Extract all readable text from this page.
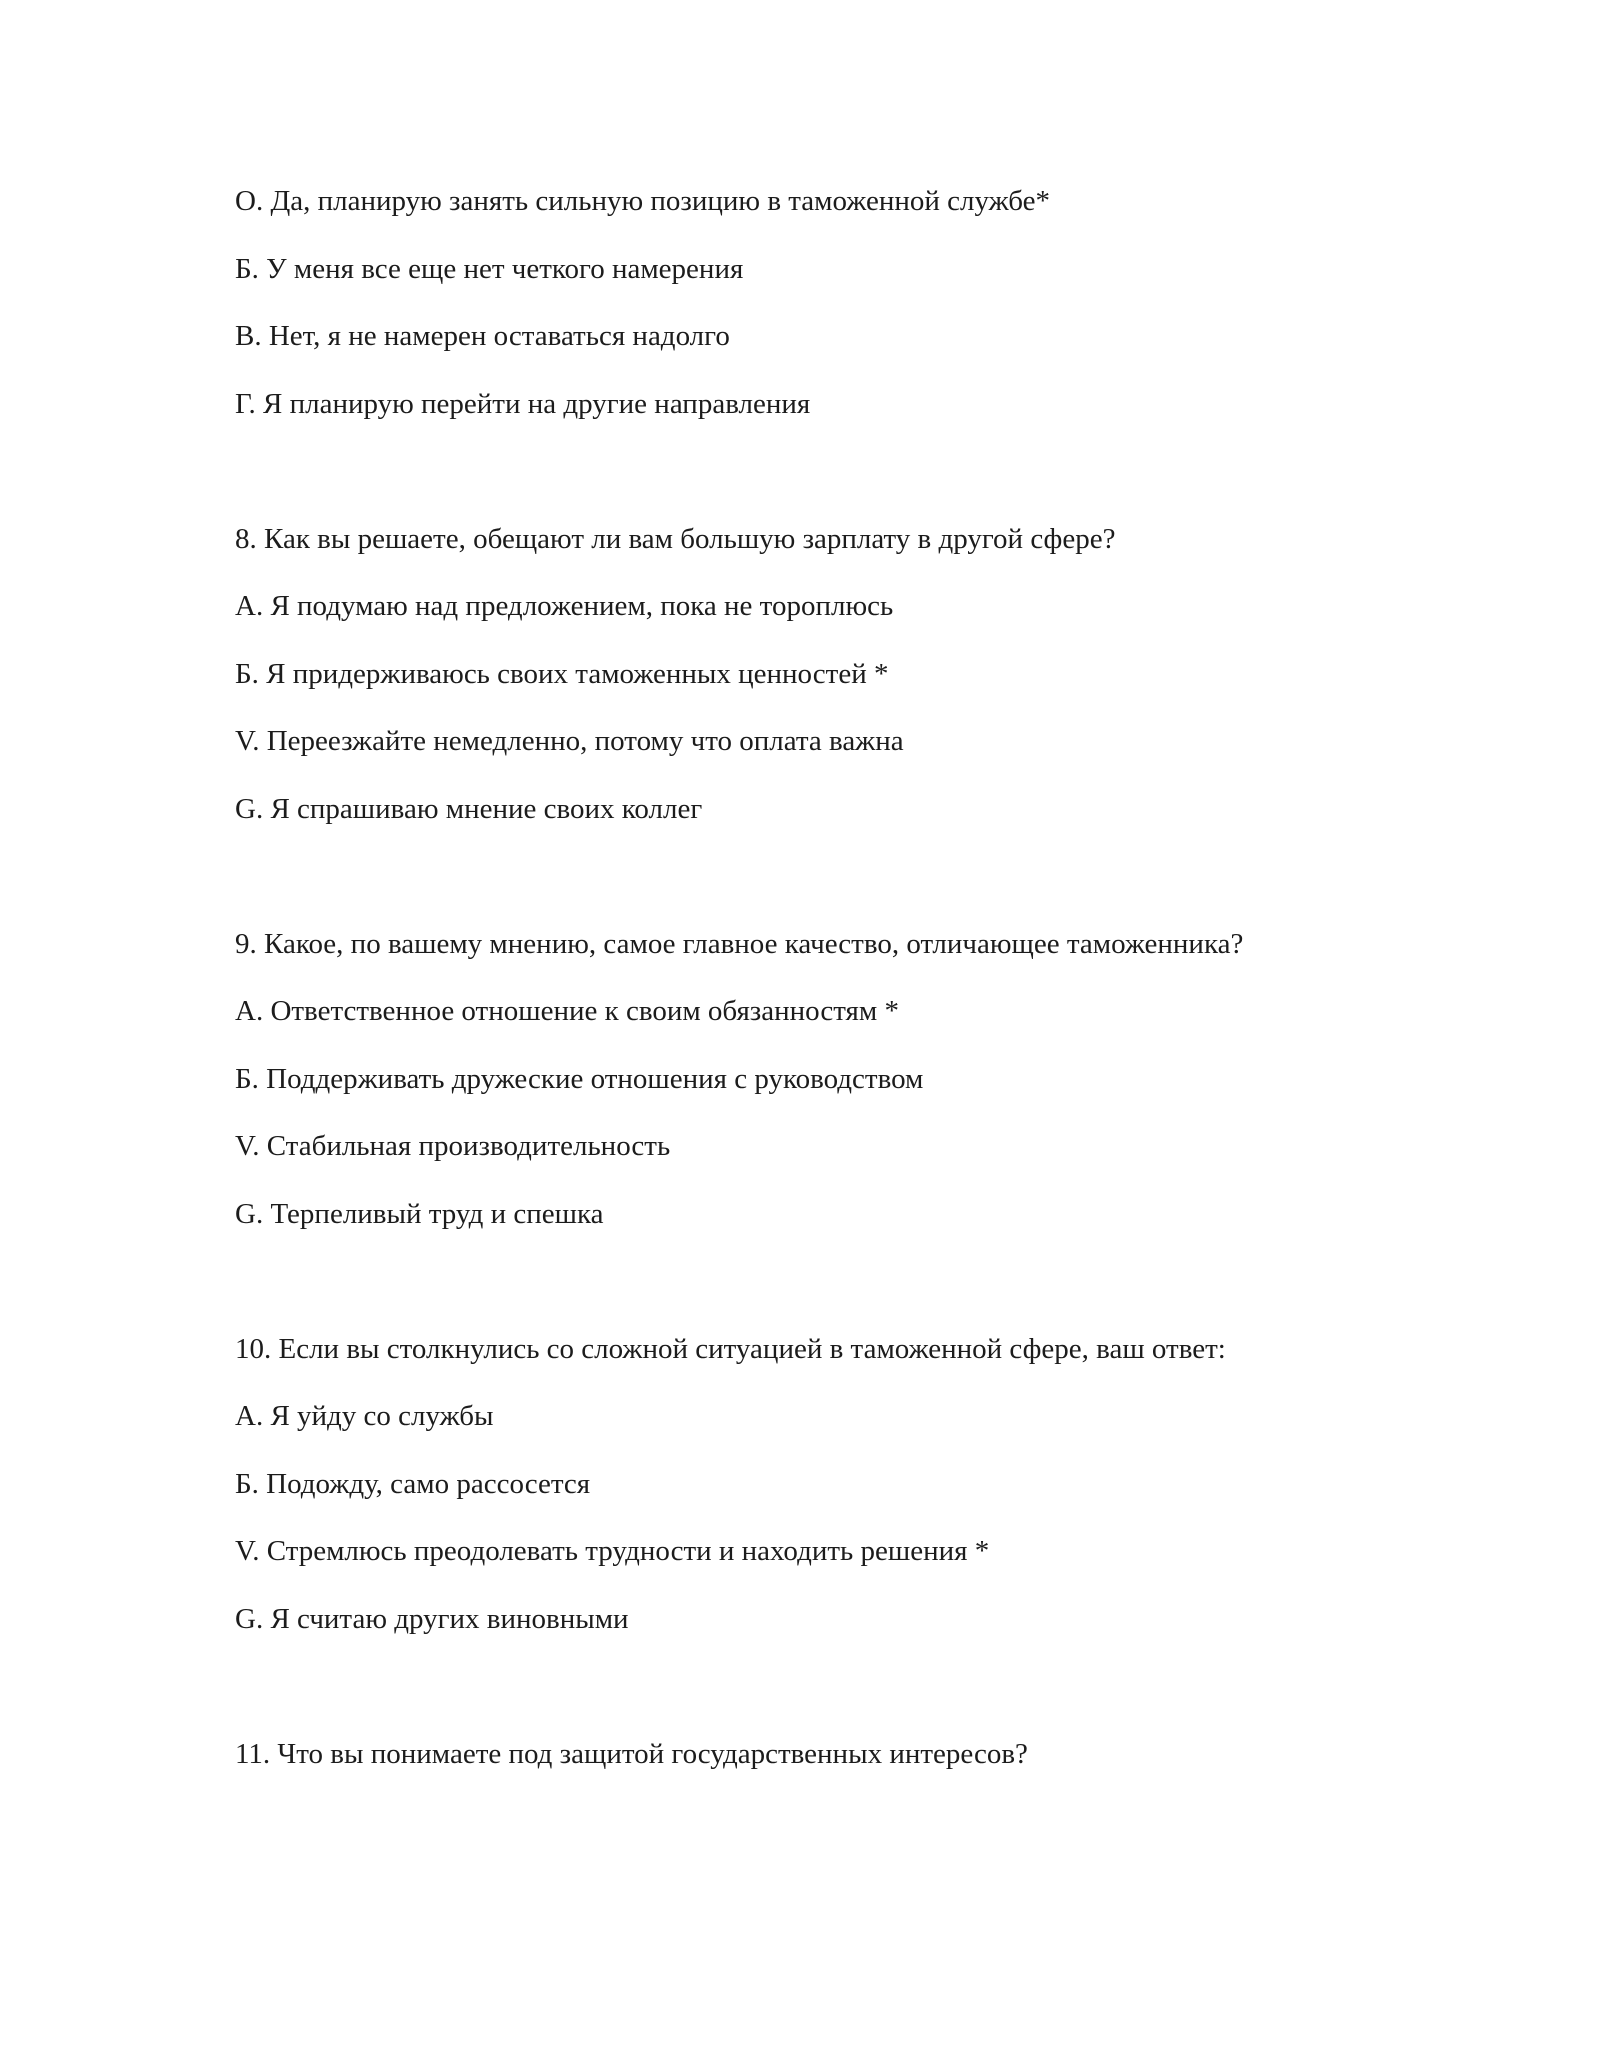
О. Да, планирую занять сильную позицию в таможенной службе*
Б. У меня все еще нет четкого намерения
В. Нет, я не намерен оставаться надолго
Г. Я планирую перейти на другие направления
8. Как вы решаете, обещают ли вам большую зарплату в другой сфере?
А. Я подумаю над предложением, пока не тороплюсь
Б. Я придерживаюсь своих таможенных ценностей *
V. Переезжайте немедленно, потому что оплата важна
G. Я спрашиваю мнение своих коллег
9. Какое, по вашему мнению, самое главное качество, отличающее таможенника?
А. Ответственное отношение к своим обязанностям *
Б. Поддерживать дружеские отношения с руководством
V. Стабильная производительность
G. Терпеливый труд и спешка
10. Если вы столкнулись со сложной ситуацией в таможенной сфере, ваш ответ:
А. Я уйду со службы
Б. Подожду, само рассосется
V. Стремлюсь преодолевать трудности и находить решения *
G. Я считаю других виновными
11. Что вы понимаете под защитой государственных интересов?
